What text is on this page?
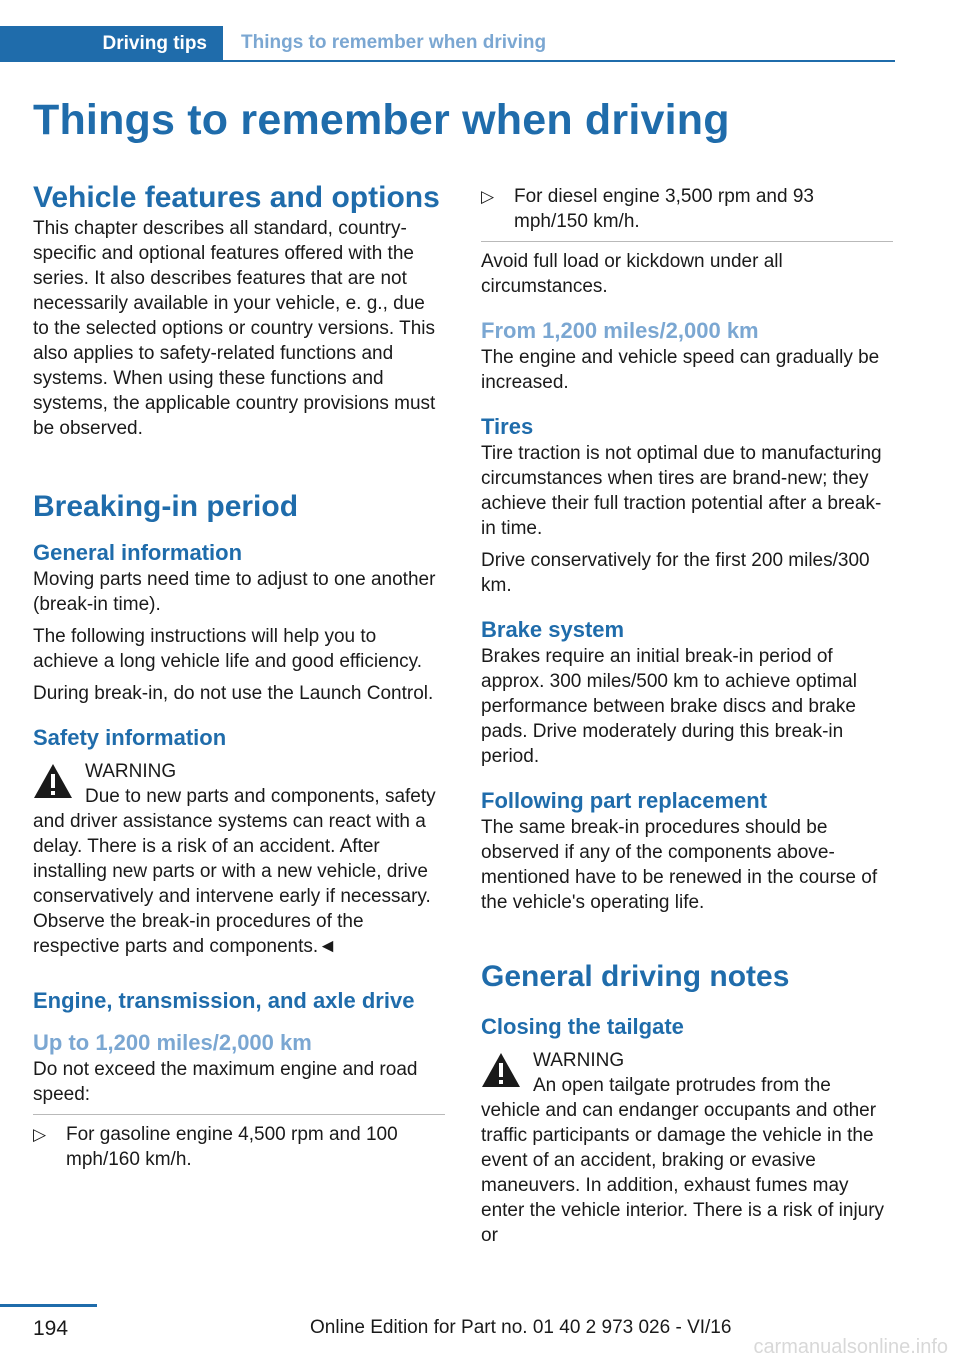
Driving tips	Things to remember when driving
Things to remember when driving
Vehicle features and options

This chapter describes all standard, country-specific and optional features offered with the series. It also describes features that are not necessarily available in your vehicle, e. g., due to the selected options or country versions. This also applies to safety-related functions and systems. When using these functions and systems, the applicable country provisions must be observed.

Breaking-in period
General information

Moving parts need time to adjust to one another (break-in time).

The following instructions will help you to achieve a long vehicle life and good efficiency.

During break-in, do not use the Launch Control.

Safety information
WARNING

Due to new parts and components, safety and driver assistance systems can react with a delay. There is a risk of an accident. After installing new parts or with a new vehicle, drive conservatively and intervene early if necessary. Observe the break-in procedures of the respective parts and components.◄

Engine, transmission, and axle drive
Up to 1,200 miles/2,000 km

Do not exceed the maximum engine and road speed:

▷ For gasoline engine 4,500 rpm and 100 mph/160 km/h.
▷ For diesel engine 3,500 rpm and 93 mph/150 km/h.

Avoid full load or kickdown under all circumstances.

From 1,200 miles/2,000 km

The engine and vehicle speed can gradually be increased.

Tires

Tire traction is not optimal due to manufacturing circumstances when tires are brand-new; they achieve their full traction potential after a break-in time.

Drive conservatively for the first 200 miles/300 km.

Brake system

Brakes require an initial break-in period of approx. 300 miles/500 km to achieve optimal performance between brake discs and brake pads. Drive moderately during this break-in period.

Following part replacement

The same break-in procedures should be observed if any of the components above-mentioned have to be renewed in the course of the vehicle's operating life.

General driving notes
Closing the tailgate
WARNING

An open tailgate protrudes from the vehicle and can endanger occupants and other traffic participants or damage the vehicle in the event of an accident, braking or evasive maneuvers. In addition, exhaust fumes may enter the vehicle interior. There is a risk of injury or

194	Online Edition for Part no. 01 40 2 973 026 - VI/16
carmanualsonline.info
